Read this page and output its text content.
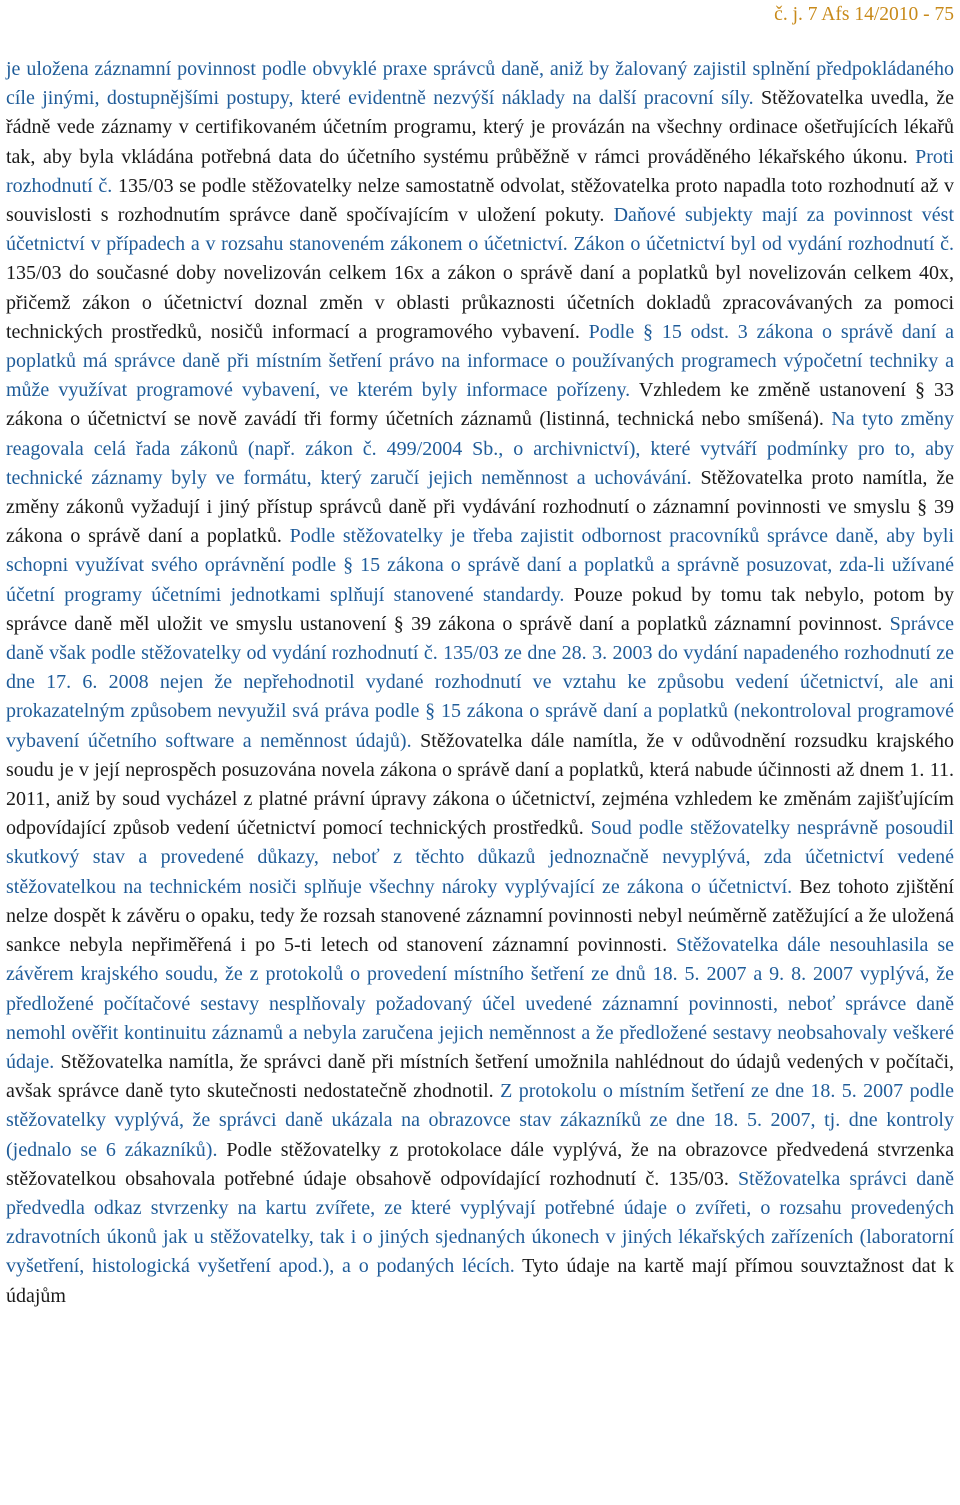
č. j. 7 Afs 14/2010 - 75

je uložena záznamní povinnost podle obvyklé praxe správců daně, aniž by žalovaný zajistil splnění předpokládaného cíle jinými, dostupnějšími postupy, které evidentně nezvýší náklady na další pracovní síly. Stěžovatelka uvedla, že řádně vede záznamy v certifikovaném účetním programu, který je provázán na všechny ordinace ošetřujících lékařů tak, aby byla vkládána potřebná data do účetního systému průběžně v rámci prováděného lékařského úkonu. Proti rozhodnutí č. 135/03 se podle stěžovatelky nelze samostatně odvolat, stěžovatelka proto napadla toto rozhodnutí až v souvislosti s rozhodnutím správce daně spočívajícím v uložení pokuty. Daňové subjekty mají za povinnost vést účetnictví v případech a v rozsahu stanoveném zákonem o účetnictví. Zákon o účetnictví byl od vydání rozhodnutí č. 135/03 do současné doby novelizován celkem 16x a zákon o správě daní a poplatků byl novelizován celkem 40x, přičemž zákon o účetnictví doznal změn v oblasti průkaznosti účetních dokladů zpracovávaných za pomoci technických prostředků, nosičů informací a programového vybavení. Podle § 15 odst. 3 zákona o správě daní a poplatků má správce daně při místním šetření právo na informace o používaných programech výpočetní techniky a může využívat programové vybavení, ve kterém byly informace pořízeny. Vzhledem ke změně ustanovení § 33 zákona o účetnictví se nově zavádí tři formy účetních záznamů (listinná, technická nebo smíšená). Na tyto změny reagovala celá řada zákonů (např. zákon č. 499/2004 Sb., o archivnictví), které vytváří podmínky pro to, aby technické záznamy byly ve formátu, který zaručí jejich neměnnost a uchovávání. Stěžovatelka proto namítla, že změny zákonů vyžadují i jiný přístup správců daně při vydávání rozhodnutí o záznamní povinnosti ve smyslu § 39 zákona o správě daní a poplatků. Podle stěžovatelky je třeba zajistit odbornost pracovníků správce daně, aby byli schopni využívat svého oprávnění podle § 15 zákona o správě daní a poplatků a správně posuzovat, zda-li užívané účetní programy účetními jednotkami splňují stanovené standardy. Pouze pokud by tomu tak nebylo, potom by správce daně měl uložit ve smyslu ustanovení § 39 zákona o správě daní a poplatků záznamní povinnost. Správce daně však podle stěžovatelky od vydání rozhodnutí č. 135/03 ze dne 28. 3. 2003 do vydání napadeného rozhodnutí ze dne 17. 6. 2008 nejen že nepřehodnotil vydané rozhodnutí ve vztahu ke způsobu vedení účetnictví, ale ani prokazatelným způsobem nevyužil svá práva podle § 15 zákona o správě daní a poplatků (nekontroloval programové vybavení účetního software a neměnnost údajů). Stěžovatelka dále namítla, že v odůvodnění rozsudku krajského soudu je v její neprospěch posuzována novela zákona o správě daní a poplatků, která nabude účinnosti až dnem 1. 11. 2011, aniž by soud vycházel z platné právní úpravy zákona o účetnictví, zejména vzhledem ke změnám zajišťujícím odpovídající způsob vedení účetnictví pomocí technických prostředků. Soud podle stěžovatelky nesprávně posoudil skutkový stav a provedené důkazy, neboť z těchto důkazů jednoznačně nevyplývá, zda účetnictví vedené stěžovatelkou na technickém nosiči splňuje všechny nároky vyplývající ze zákona o účetnictví. Bez tohoto zjištění nelze dospět k závěru o opaku, tedy že rozsah stanovené záznamní povinnosti nebyl neúměrně zatěžující a že uložená sankce nebyla nepřiměřená i po 5-ti letech od stanovení záznamní povinnosti. Stěžovatelka dále nesouhlasila se závěrem krajského soudu, že z protokolů o provedení místního šetření ze dnů 18. 5. 2007 a 9. 8. 2007 vyplývá, že předložené počítačové sestavy nesplňovaly požadovaný účel uvedené záznamní povinnosti, neboť správce daně nemohl ověřit kontinuitu záznamů a nebyla zaručena jejich neměnnost a že předložené sestavy neobsahovaly veškeré údaje. Stěžovatelka namítla, že správci daně při místních šetření umožnila nahlédnout do údajů vedených v počítači, avšak správce daně tyto skutečnosti nedostatečně zhodnotil. Z protokolu o místním šetření ze dne 18. 5. 2007 podle stěžovatelky vyplývá, že správci daně ukázala na obrazovce stav zákazníků ze dne 18. 5. 2007, tj. dne kontroly (jednalo se 6 zákazníků). Podle stěžovatelky z protokolace dále vyplývá, že na obrazovce předvedená stvrzenka stěžovatelkou obsahovala potřebné údaje obsahově odpovídající rozhodnutí č. 135/03. Stěžovatelka správci daně předvedla odkaz stvrzenky na kartu zvířete, ze které vyplývají potřebné údaje o zvířeti, o rozsahu provedených zdravotních úkonů jak u stěžovatelky, tak i o jiných sjednaných úkonech v jiných lékařských zařízeních (laboratorní vyšetření, histologická vyšetření apod.), a o podaných lécích. Tyto údaje na kartě mají přímou souvztažnost dat k údajům
